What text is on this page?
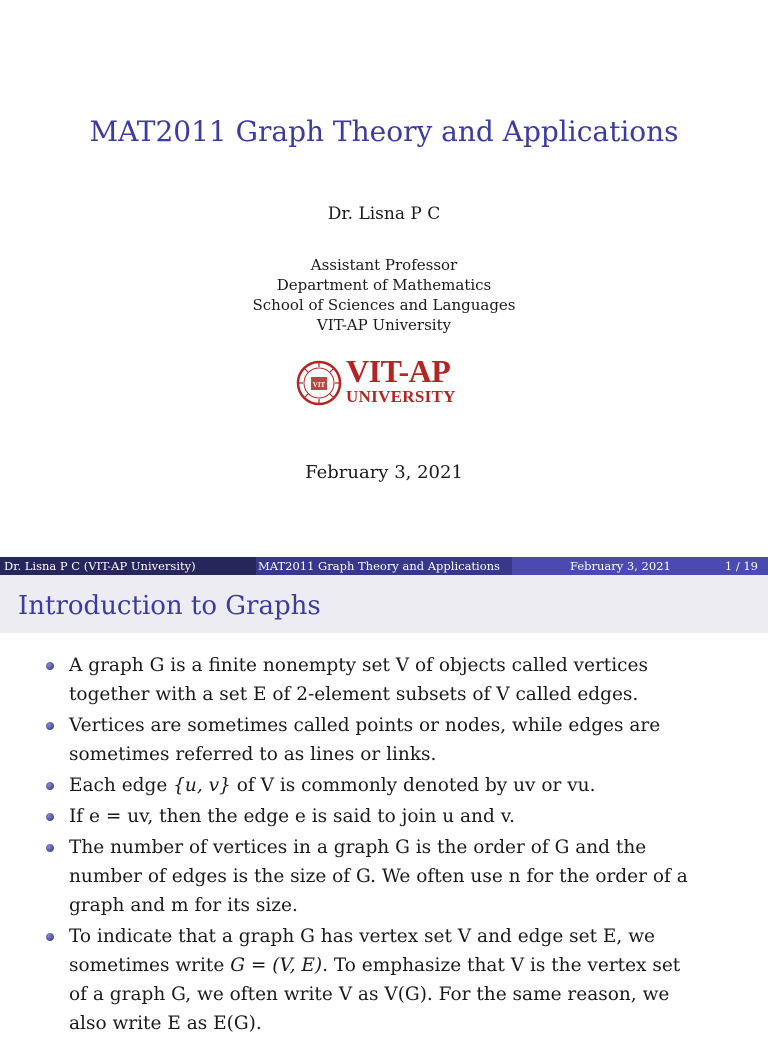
MAT2011 Graph Theory and Applications
Dr. Lisna P C
Assistant Professor
Department of Mathematics
School of Sciences and Languages
VIT-AP University
VIT VIT-AP
UNIVERSITY
February 3, 2021
Dr. Lisna P C (VIT-AP University)	MAT2011 Graph Theory and Applications	February 3, 2021	1 / 19
Introduction to Graphs
A graph G is a finite nonempty set V of objects called vertices
together with a set E of 2-element subsets of V called edges.
Vertices are sometimes called points or nodes, while edges are
sometimes referred to as lines or links.
Each edge {u, v} of V is commonly denoted by uv or vu.
If e = uv, then the edge e is said to join u and v.
The number of vertices in a graph G is the order of G and the
number of edges is the size of G. We often use n for the order of a
graph and m for its size.
To indicate that a graph G has vertex set V and edge set E, we
sometimes write G = (V, E). To emphasize that V is the vertex set
of a graph G, we often write V as V(G). For the same reason, we
also write E as E(G).
